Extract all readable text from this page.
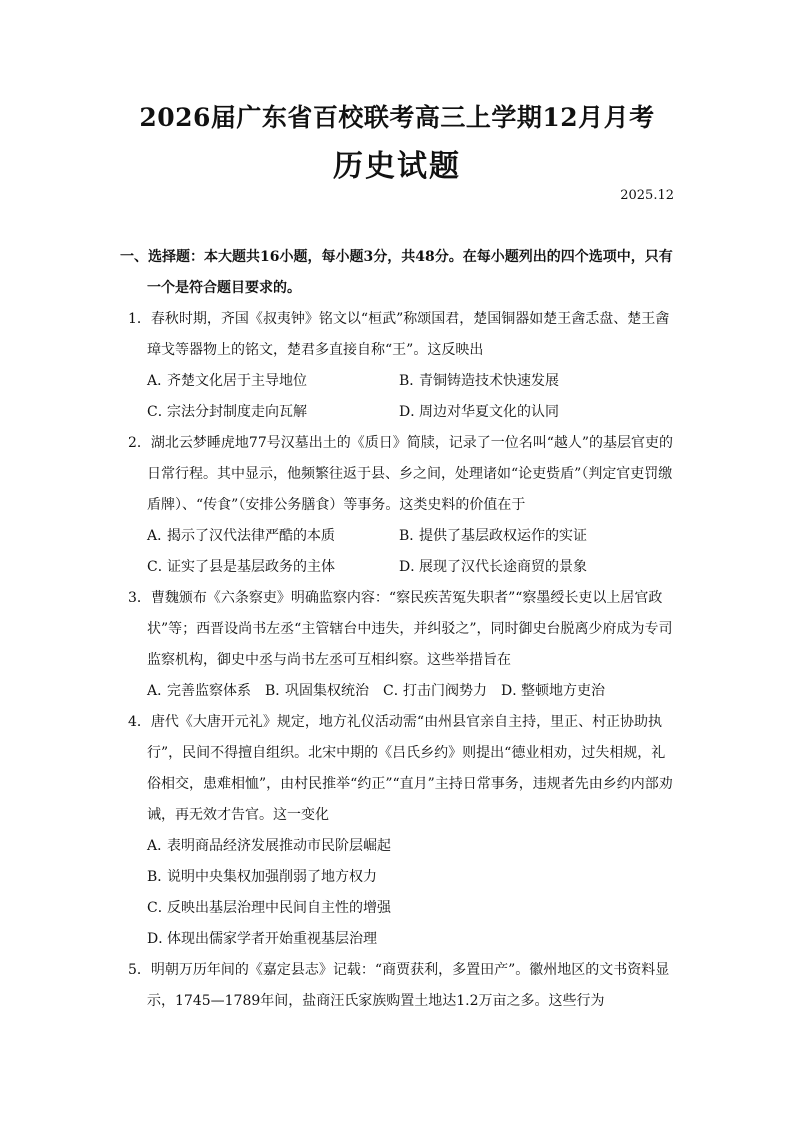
2026届广东省百校联考高三上学期12月月考
历史试题
2025.12
一、选择题：本大题共16小题，每小题3分，共48分。在每小题列出的四个选项中，只有一个是符合题目要求的。
1．春秋时期，齐国《叔夷钟》铭文以“桓武”称颂国君，楚国铜器如楚王酓忎盘、楚王酓璋戈等器物上的铭文，楚君多直接自称“王”。这反映出
A．齐楚文化居于主导地位	B．青铜铸造技术快速发展
C．宗法分封制度走向瓦解	D．周边对华夏文化的认同
2．湖北云梦睡虎地77号汉墓出土的《质日》简牍，记录了一位名叫“越人”的基层官吏的日常行程。其中显示，他频繁往返于县、乡之间，处理诸如“论吏赀盾”（判定官吏罚缴盾牌）、“传食”（安排公务膳食）等事务。这类史料的价值在于
A．揭示了汉代法律严酷的本质	B．提供了基层政权运作的实证
C．证实了县是基层政务的主体	D．展现了汉代长途商贸的景象
3．曹魏颁布《六条察吏》明确监察内容：“察民疾苦冤失职者”“察墨绶长吏以上居官政状”等；西晋设尚书左丞“主管辖台中违失，并纠驳之”，同时御史台脱离少府成为专司监察机构，御史中丞与尚书左丞可互相纠察。这些举措旨在
A．完善监察体系 B．巩固集权统治 C．打击门阀势力 D．整顿地方吏治
4．唐代《大唐开元礼》规定，地方礼仪活动需“由州县官亲自主持，里正、村正协助执行”，民间不得擅自组织。北宋中期的《吕氏乡约》则提出“德业相劝，过失相规，礼俗相交，患难相恤”，由村民推举“约正”“直月”主持日常事务，违规者先由乡约内部劝诫，再无效才告官。这一变化
A．表明商品经济发展推动市民阶层崛起
B．说明中央集权加强削弱了地方权力
C．反映出基层治理中民间自主性的增强
D．体现出儒家学者开始重视基层治理
5．明朝万历年间的《嘉定县志》记载：“商贾获利，多置田产”。徽州地区的文书资料显示，1745—1789年间，盐商汪氏家族购置土地达1.2万亩之多。这些行为
